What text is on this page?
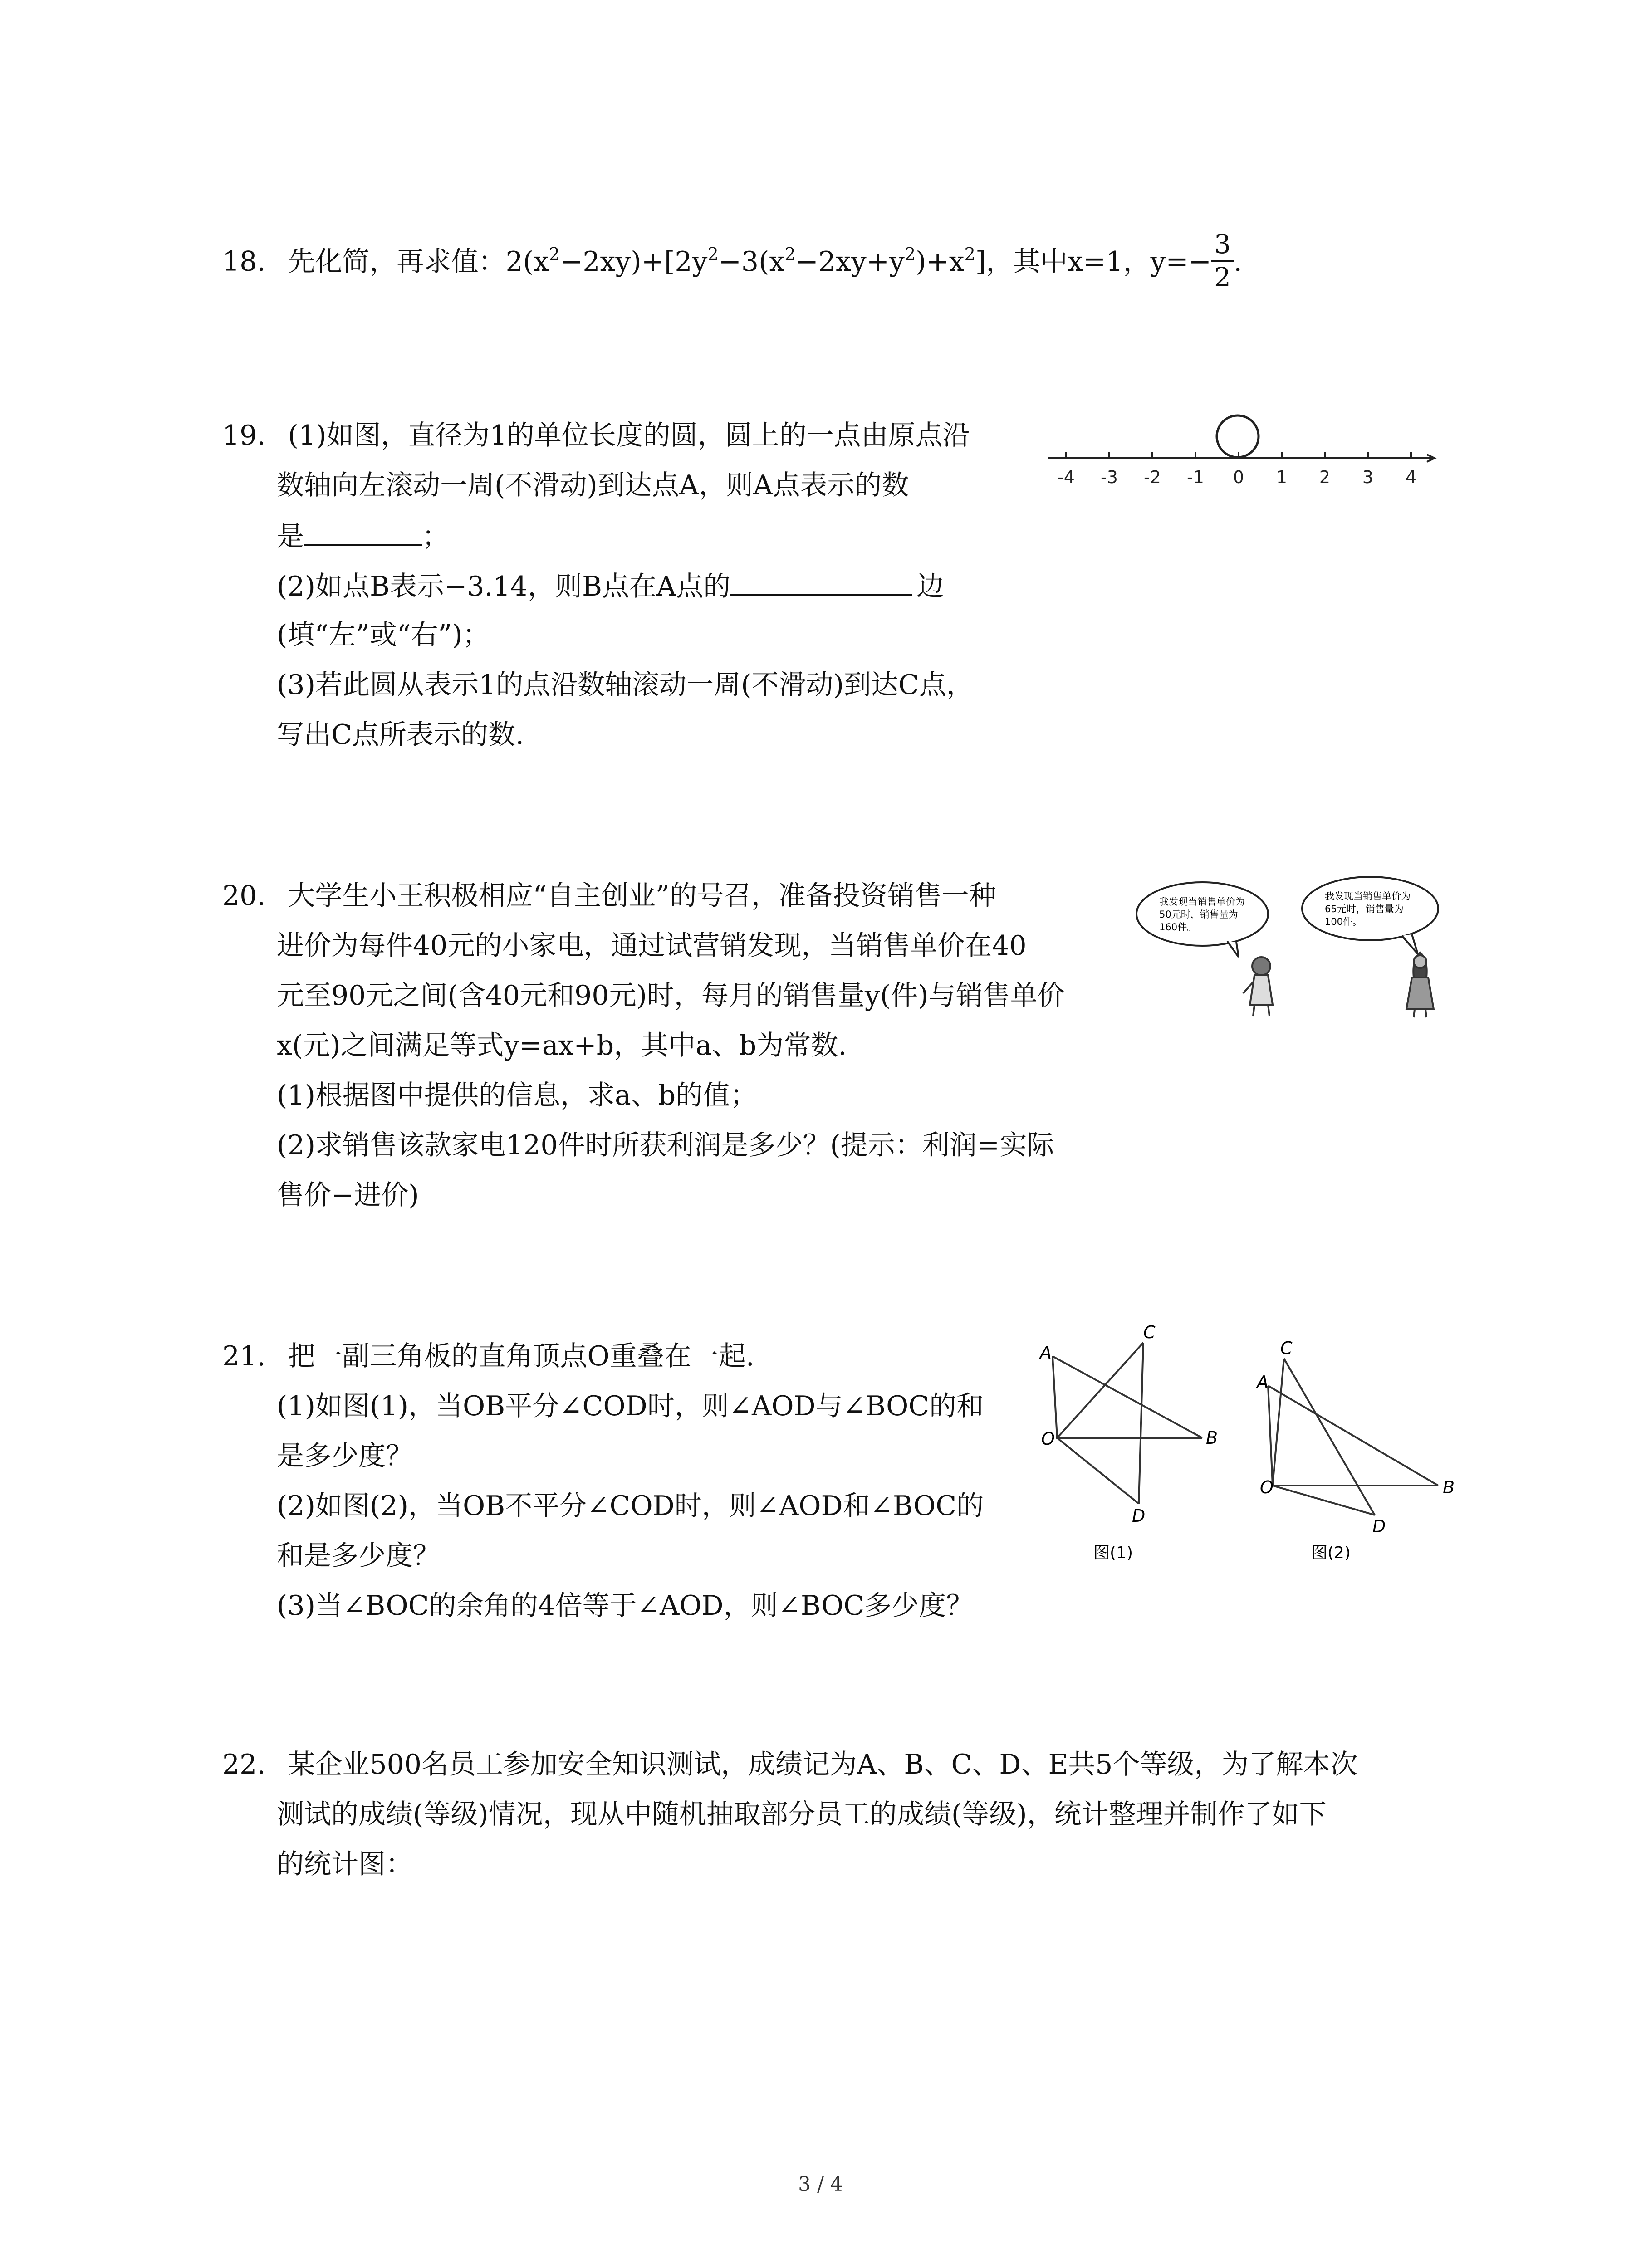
18. 先化简，再求值：$2(x^2-2xy)+[2y^2-3(x^2-2xy+y^2)+x^2]$，其中x=1，$y=- \frac{3}{2}$ .
19. (1)如图，直径为1的单位长度的圆，圆上的一点由原点沿
数轴向左滚动一周(不滑动)到达点A，则A点表示的数
是	；
(2)如点B表示−3.14，则B点在A点的	边
(填“左”或“右”)；
(3)若此圆从表示1的点沿数轴滚动一周(不滑动)到达C点，
写出C点所表示的数.
-4 -3 -2 -1 0 1 2 3 4
20. 大学生小王积极相应“自主创业”的号召，准备投资销售一种
进价为每件40元的小家电，通过试营销发现，当销售单价在40
元至90元之间(含40元和90元)时，每月的销售量y(件)与销售单价
x(元)之间满足等式y=ax+b，其中a、b为常数.
(1)根据图中提供的信息，求a、b的值；
(2)求销售该款家电120件时所获利润是多少？(提示：利润=实际
售价−进价)
我发现当销售单价为
50元时，销售量为
160件。
我发现当销售单价为
65元时，销售量为
100件。
21. 把一副三角板的直角顶点O重叠在一起.
(1)如图(1)，当OB平分∠COD时，则∠AOD与∠BOC的和
是多少度？
(2)如图(2)，当OB不平分∠COD时，则∠AOD和∠BOC的
和是多少度？
(3)当∠BOC的余角的4倍等于∠AOD，则∠BOC多少度？
A
C
O	B
D
图(1)
A
C
O	B
D
图(2)
22. 某企业500名员工参加安全知识测试，成绩记为A、B、C、D、E共5个等级，为了解本次
测试的成绩(等级)情况，现从中随机抽取部分员工的成绩(等级)，统计整理并制作了如下
的统计图：
3 / 4
